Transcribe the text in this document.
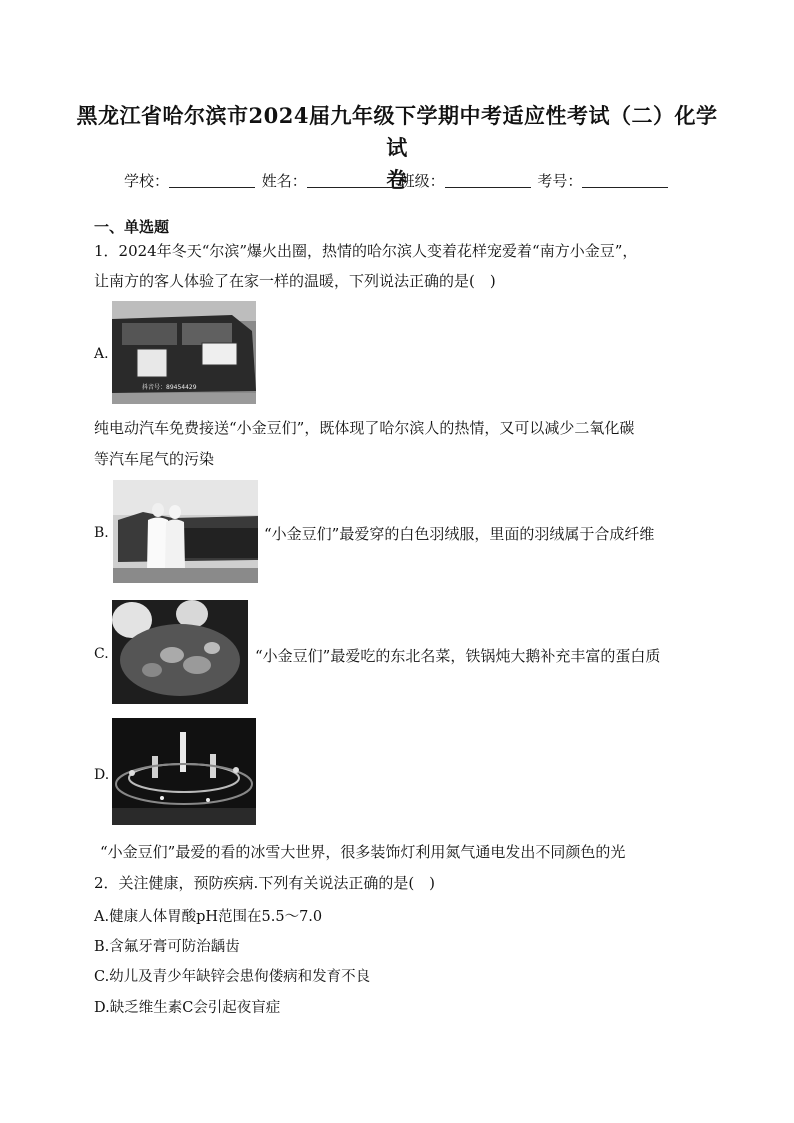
黑龙江省哈尔滨市2024届九年级下学期中考适应性考试（二）化学试
卷
学校：	姓名：	班级：	考号：
一、单选题
1．2024年冬天“尔滨”爆火出圈，热情的哈尔滨人变着花样宠爱着“南方小金豆”，
让南方的客人体验了在家一样的温暖，下列说法正确的是(　)
A.
抖音号：89454429
纯电动汽车免费接送“小金豆们”，既体现了哈尔滨人的热情，又可以减少二氧化碳
等汽车尾气的污染
B.	“小金豆们”最爱穿的白色羽绒服，里面的羽绒属于合成纤维
C.	“小金豆们”最爱吃的东北名菜，铁锅炖大鹅补充丰富的蛋白质
D.
“小金豆们”最爱的看的冰雪大世界，很多装饰灯利用氮气通电发出不同颜色的光
2．关注健康，预防疾病.下列有关说法正确的是(　)
A.健康人体胃酸pH范围在5.5～7.0
B.含氟牙膏可防治龋齿
C.幼儿及青少年缺锌会患佝偻病和发育不良
D.缺乏维生素C会引起夜盲症
